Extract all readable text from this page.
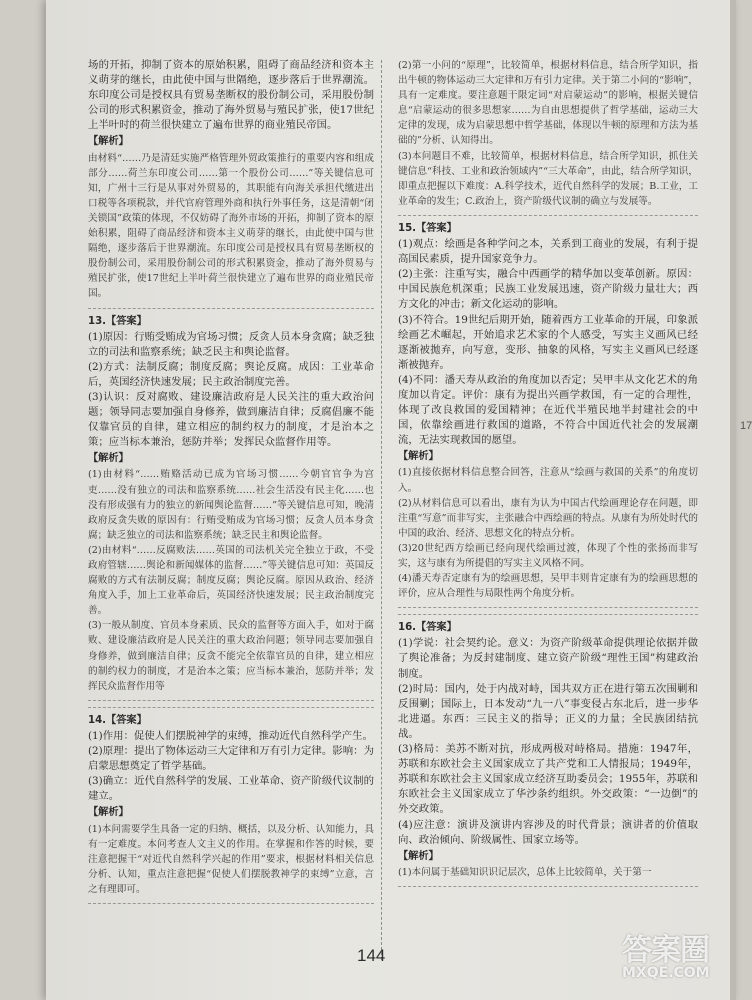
场的开拓，抑制了资本的原始积累，阻碍了商品经济和资本主义萌芽的继长，由此使中国与世隔绝，逐步落后于世界潮流。东印度公司是授权具有贸易垄断权的股份制公司，采用股份制公司的形式积累资金，推动了海外贸易与殖民扩张，使17世纪上半叶时的荷兰很快建立了遍布世界的商业殖民帝国。
【解析】
由材料“……乃是清廷实施严格管理外贸政策推行的重要内容和组成部分……荷兰东印度公司……第一个股份公司……”等关键信息可知，广州十三行是从事对外贸易的，其职能有向海关承担代缴进出口税等各项税款，并代官府管理外商和执行外事任务，这是清朝“闭关锁国”政策的体现，不仅妨碍了海外市场的开拓，抑制了资本的原始积累，阻碍了商品经济和资本主义萌芽的继长，由此使中国与世隔绝，逐步落后于世界潮流。东印度公司是授权具有贸易垄断权的股份制公司，采用股份制公司的形式积累资金，推动了海外贸易与殖民扩张，使17世纪上半叶荷兰很快建立了遍布世界的商业殖民帝国。
13.【答案】
(1)原因：行贿受贿成为官场习惯；反贪人员本身贪腐；缺乏独立的司法和监察系统；缺乏民主和舆论监督。
(2)方式：法制反腐；制度反腐；舆论反腐。成因：工业革命后，英国经济快速发展；民主政治制度完善。
(3)认识：反对腐败、建设廉洁政府是人民关注的重大政治问题；领导同志要加强自身修养，做到廉洁自律；反腐倡廉不能仅靠官员的自律，建立相应的制约权力的制度，才是治本之策；应当标本兼治，惩防并举；发挥民众监督作用等。
【解析】
(1)由材料“……贿赂活动已成为官场习惯……今朝官官争为宫吏……没有独立的司法和监察系统……社会生活没有民主化……也没有形成强有力的独立的新闻舆论监督……”等关键信息可知，晚清政府反贪失败的原因有：行贿受贿成为官场习惯；反贪人员本身贪腐；缺乏独立的司法和监察系统；缺乏民主和舆论监督。
(2)由材料“……反腐败法……英国的司法机关完全独立于政，不受政府管辖……舆论和新闻媒体的监督……”等关键信息可知：英国反腐败的方式有法制反腐；制度反腐；舆论反腐。原因从政治、经济角度入手，加上工业革命后，英国经济快速发展；民主政治制度完善。
(3)一般从制度、官员本身素质、民众的监督等方面入手，如对于腐败、建设廉洁政府是人民关注的重大政治问题；领导同志要加强自身修养，做到廉洁自律；反贪不能完全依靠官员的自律，建立相应的制约权力的制度，才是治本之策；应当标本兼治，惩防并举；发挥民众监督作用等
14.【答案】
(1)作用：促使人们摆脱神学的束缚，推动近代自然科学产生。
(2)原理：提出了物体运动三大定律和万有引力定律。影响：为启蒙思想奠定了哲学基础。
(3)确立：近代自然科学的发展、工业革命、资产阶级代议制的建立。
【解析】
(1)本问需要学生具备一定的归纳、概括，以及分析、认知能力，具有一定难度。本问考查人文主义的作用。在掌握和作答的时候，要注意把握干“对近代自然科学兴起的作用”要求，根据材料相关信息分析、认知，重点注意把握“促使人们摆脱教神学的束缚”立意，言之有理即可。
(2)第一小问的“原理”，比较简单，根据材料信息，结合所学知识，指出牛顿的物体运动三大定律和万有引力定律。关于第二小问的“影响”，具有一定难度。要注意题干限定词“对启蒙运动”的影响，根据关键信息“启蒙运动的很多思想家……为自由思想提供了哲学基础，运动三大定律的发现，成为启蒙思想中哲学基础，体现以牛顿的原理和方法为基础的”分析、认知得出。
(3)本问题目不难，比较简单，根据材料信息，结合所学知识，抓住关键信息“科技、工业和政治领域内”“三大革命”，由此，结合所学知识，即重点把握以下难度：A.科学技术，近代自然科学的发展；B.工业，工业革命的发生；C.政治上，资产阶级代议制的确立与发展等。
15.【答案】
(1)观点：绘画是各种学问之本，关系到工商业的发展，有利于提高国民素质，提升国家竞争力。
(2)主张：注重写实，融合中西画学的精华加以变革创新。原因：中国民族危机深重；民族工业发展迅速，资产阶级力量壮大；西方文化的冲击；新文化运动的影响。
(3)不符合。19世纪后期开始，随着西方工业革命的开展，印象派绘画艺术崛起，开始追求艺术家的个人感受，写实主义画风已经逐渐被拋弃，向写意，变形、抽象的风格，写实主义画风已经逐渐被抛弃。
(4)不同：潘天寿从政治的角度加以否定；吴甲丰从文化艺术的角度加以肯定。评价：康有为提出兴画学救国，有一定的合理性，体现了改良救国的爱国精神；在近代半殖民地半封建社会的中国，依靠绘画进行救国的道路，不符合中国近代社会的发展潮流，无法实现救国的愿望。
【解析】
(1)直接依据材料信息整合回答，注意从“绘画与救国的关系”的角度切入。
(2)从材料信息可以看出，康有为认为中国古代绘画理论存在问题，即注重“写意”而非写实，主张融合中西绘画的特点。从康有为所处时代的中国的政治、经济、思想文化的特点分析。
(3)20世纪西方绘画已经向现代绘画过渡，体现了个性的张扬而非写实，这与康有为所提倡的写实主义风格不同。
(4)潘天寿否定康有为的绘画思想，吴甲丰则肯定康有为的绘画思想的评价，应从合理性与局限性两个角度分析。
16.【答案】
(1)学说：社会契约论。意义：为资产阶级革命提供理论依据并做了舆论准备；为反封建制度、建立资产阶级“理性王国”构建政治制度。
(2)时局：国内，处于内战对峙，国共双方正在进行第五次围剿和反围剿；国际上，日本发动“九一八”事变侵占东北后，进一步华北进逼。东西：三民主义的指导；正义的力量；全民族团结抗战。
(3)格局：美苏不断对抗，形成两极对峙格局。措施：1947年，苏联和东欧社会主义国家成立了共产党和工人情报局；1949年，苏联和东欧社会主义国家成立经济互助委员会；1955年，苏联和东欧社会主义国家成立了华沙条约组织。外交政策：“一边倒”的外交政策。
(4)应注意：演讲及演讲内容涉及的时代背景；演讲者的价值取向、政治倾向、阶级属性、国家立场等。
【解析】
(1)本问属于基础知识识记层次，总体上比较简单，关于第一
17
144	答案圈
MXQE.COM
